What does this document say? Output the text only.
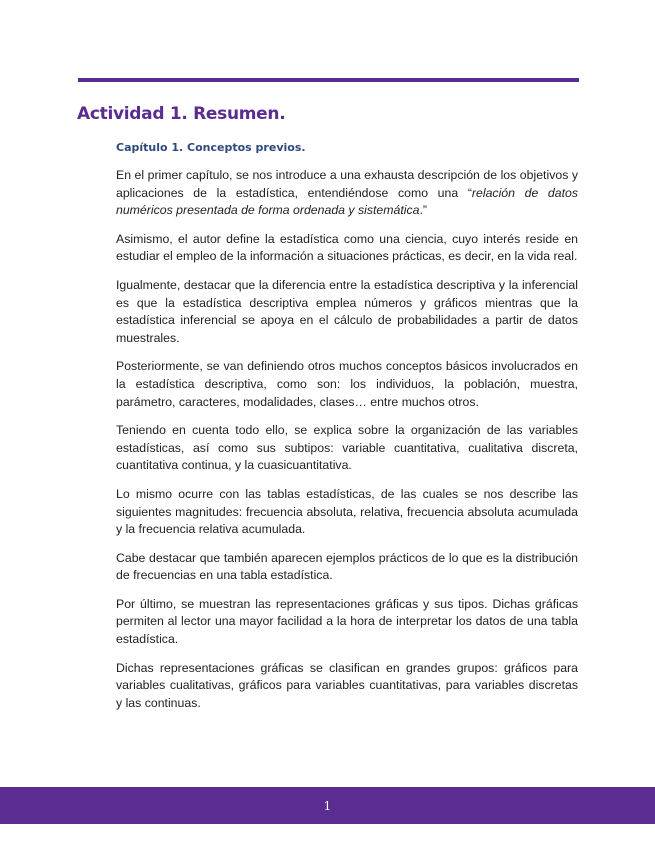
Actividad 1. Resumen.
Capítulo 1. Conceptos previos.

En el primer capítulo, se nos introduce a una exhausta descripción de los objetivos y aplicaciones de la estadística, entendiéndose como una “relación de datos numéricos presentada de forma ordenada y sistemática.”

Asimismo, el autor define la estadística como una ciencia, cuyo interés reside en estudiar el empleo de la información a situaciones prácticas, es decir, en la vida real.

Igualmente, destacar que la diferencia entre la estadística descriptiva y la inferencial es que la estadística descriptiva emplea números y gráficos mientras que la estadística inferencial se apoya en el cálculo de probabilidades a partir de datos muestrales.

Posteriormente, se van definiendo otros muchos conceptos básicos involucrados en la estadística descriptiva, como son: los individuos, la población, muestra, parámetro, caracteres, modalidades, clases… entre muchos otros.

Teniendo en cuenta todo ello, se explica sobre la organización de las variables estadísticas, así como sus subtipos: variable cuantitativa, cualitativa discreta, cuantitativa continua, y la cuasicuantitativa.

Lo mismo ocurre con las tablas estadísticas, de las cuales se nos describe las siguientes magnitudes: frecuencia absoluta, relativa, frecuencia absoluta acumulada y la frecuencia relativa acumulada.

Cabe destacar que también aparecen ejemplos prácticos de lo que es la distribución de frecuencias en una tabla estadística.

Por último, se muestran las representaciones gráficas y sus tipos. Dichas gráficas permiten al lector una mayor facilidad a la hora de interpretar los datos de una tabla estadística.

Dichas representaciones gráficas se clasifican en grandes grupos: gráficos para variables cualitativas, gráficos para variables cuantitativas, para variables discretas y las continuas.

1
